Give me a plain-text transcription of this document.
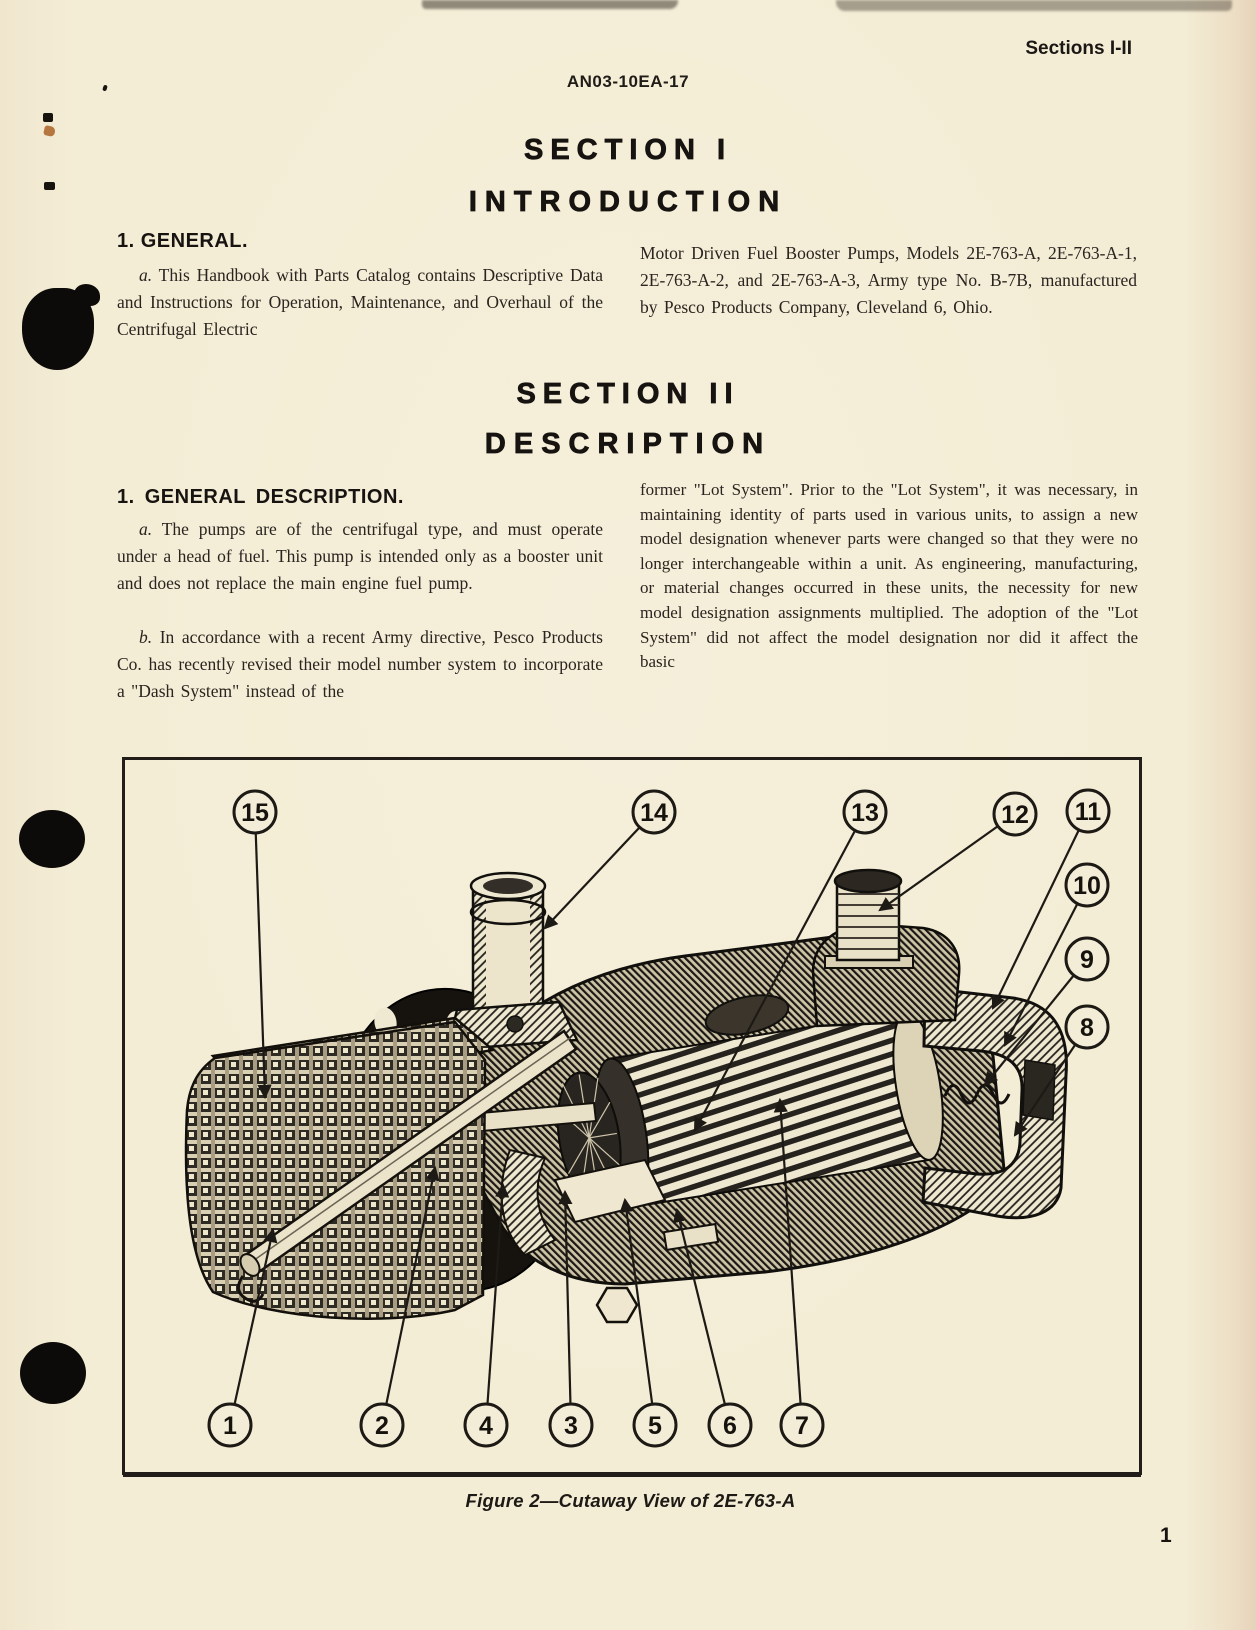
Sections I-II
AN03-10EA-17
SECTION I
INTRODUCTION
1. GENERAL.

a. This Handbook with Parts Catalog contains Descriptive Data and Instructions for Operation, Maintenance, and Overhaul of the Centrifugal Electric

Motor Driven Fuel Booster Pumps, Models 2E-763-A, 2E-763-A-1, 2E-763-A-2, and 2E-763-A-3, Army type No. B-7B, manufactured by Pesco Products Company, Cleveland 6, Ohio.

SECTION II
DESCRIPTION
1. GENERAL DESCRIPTION.

a. The pumps are of the centrifugal type, and must operate under a head of fuel. This pump is intended only as a booster unit and does not replace the main engine fuel pump.

b. In accordance with a recent Army directive, Pesco Products Co. has recently revised their model number system to incorporate a "Dash System" instead of the

former "Lot System". Prior to the "Lot System", it was necessary, in maintaining identity of parts used in various units, to assign a new model designation whenever parts were changed so that they were no longer interchangeable within a unit. As engineering, manufacturing, or material changes occurred in these units, the necessity for new model designation assignments multiplied. The adoption of the "Lot System" did not affect the model designation nor did it affect the basic

15	14	13	12 11
10
9
8
1	2	4	3	5 6 7
Figure 2—Cutaway View of 2E-763-A
1
